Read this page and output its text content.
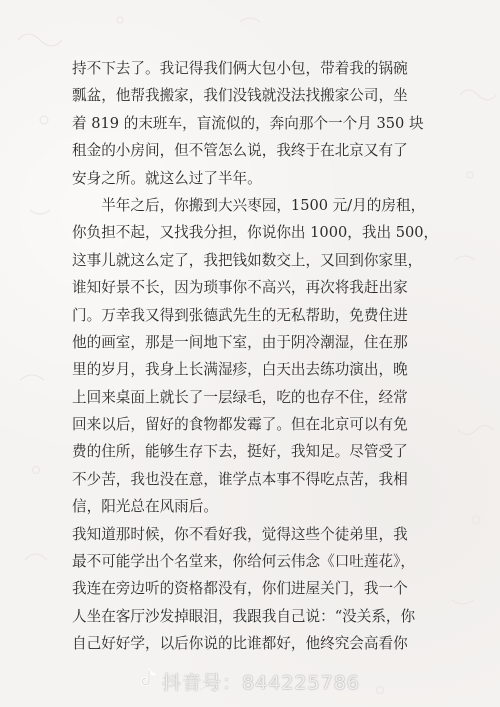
持不下去了。我记得我们俩大包小包，带着我的锅碗
瓢盆，他帮我搬家，我们没钱就没法找搬家公司，坐
着 819 的末班车，盲流似的，奔向那个一个月 350 块
租金的小房间，但不管怎么说，我终于在北京又有了
安身之所。就这么过了半年。
　　半年之后，你搬到大兴枣园，1500 元/月的房租，
你负担不起，又找我分担，你说你出 1000，我出 500，
这事儿就这么定了，我把钱如数交上，又回到你家里，
谁知好景不长，因为琐事你不高兴，再次将我赶出家
门。万幸我又得到张德武先生的无私帮助，免费住进
他的画室，那是一间地下室，由于阴冷潮湿，住在那
里的岁月，我身上长满湿疹，白天出去练功演出，晚
上回来桌面上就长了一层绿毛，吃的也存不住，经常
回来以后，留好的食物都发霉了。但在北京可以有免
费的住所，能够生存下去，挺好，我知足。尽管受了
不少苦，我也没在意，谁学点本事不得吃点苦，我相
信，阳光总在风雨后。
我知道那时候，你不看好我，觉得这些个徒弟里，我
最不可能学出个名堂来，你给何云伟念《口吐莲花》，
我连在旁边听的资格都没有，你们进屋关门，我一个
人坐在客厅沙发掉眼泪，我跟我自己说：“没关系，你
自己好好学，以后你说的比谁都好，他终究会高看你
抖音号：844225786
